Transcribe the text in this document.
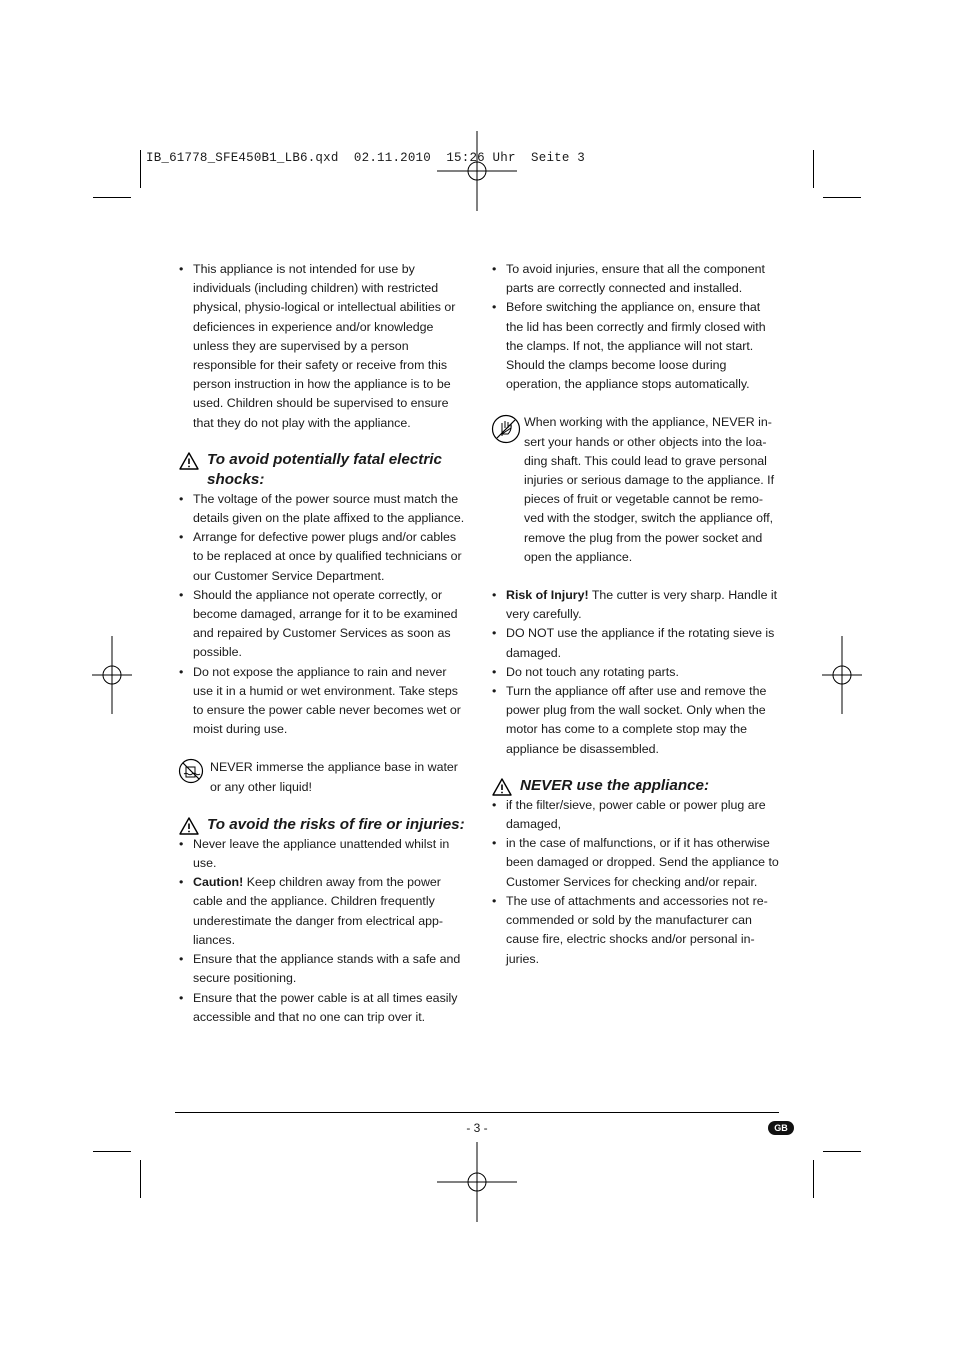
IB_61778_SFE450B1_LB6.qxd  02.11.2010  15:26 Uhr  Seite 3
• This appliance is not intended for use by individuals (including children) with restricted physical, physio-logical or intellectual abilities or deficiences in experience and/or knowledge unless they are supervised by a person responsible for their safety or receive from this person instruction in how the appliance is to be used. Children should be supervised to ensure that they do not play with the appliance.
To avoid potentially fatal electric shocks:
• The voltage of the power source must match the details given on the plate affixed to the appliance.
• Arrange for defective power plugs and/or cables to be replaced at once by qualified technicians or our Customer Service Department.
• Should the appliance not operate correctly, or become damaged, arrange for it to be examined and repaired by Customer Services as soon as possible.
• Do not expose the appliance to rain and never use it in a humid or wet environment. Take steps to ensure the power cable never becomes wet or moist during use.
NEVER immerse the appliance base in water or any other liquid!
To avoid the risks of fire or injuries:
• Never leave the appliance unattended whilst in use.
• Caution! Keep children away from the power cable and the appliance. Children frequently underestimate the danger from electrical app-liances.
• Ensure that the appliance stands with a safe and secure positioning.
• Ensure that the power cable is at all times easily accessible and that no one can trip over it.
• To avoid injuries, ensure that all the component parts are correctly connected and installed.
• Before switching the appliance on, ensure that the lid has been correctly and firmly closed with the clamps. If not, the appliance will not start. Should the clamps become loose during operation, the appliance stops automatically.
When working with the appliance, NEVER in-sert your hands or other objects into the loa-ding shaft. This could lead to grave personal injuries or serious damage to the appliance. If pieces of fruit or vegetable cannot be remo-ved with the stodger, switch the appliance off, remove the plug from the power socket and open the appliance.
• Risk of Injury! The cutter is very sharp. Handle it very carefully.
• DO NOT use the appliance if the rotating sieve is damaged.
• Do not touch any rotating parts.
• Turn the appliance off after use and remove the power plug from the wall socket. Only when the motor has come to a complete stop may the appliance be disassembled.
NEVER use the appliance:
• if the filter/sieve, power cable or power plug are damaged,
• in the case of malfunctions, or if it has otherwise been damaged or dropped. Send the appliance to Customer Services for checking and/or repair.
• The use of attachments and accessories not re-commended or sold by the manufacturer can cause fire, electric shocks and/or personal in-juries.
- 3 -	GB
